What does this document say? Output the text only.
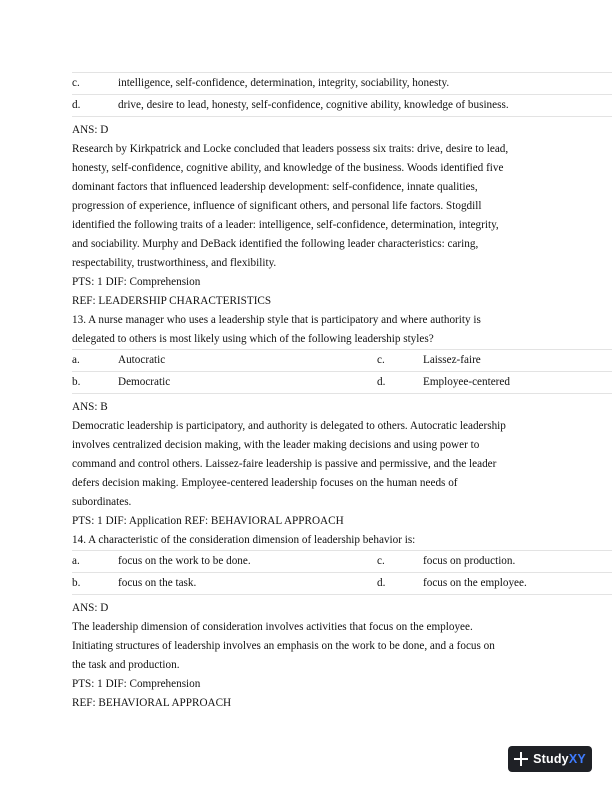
c.	intelligence, self-confidence, determination, integrity, sociability, honesty.
d.	drive, desire to lead, honesty, self-confidence, cognitive ability, knowledge of business.
ANS: D
Research by Kirkpatrick and Locke concluded that leaders possess six traits: drive, desire to lead,
honesty, self-confidence, cognitive ability, and knowledge of the business. Woods identified five
dominant factors that influenced leadership development: self-confidence, innate qualities,
progression of experience, influence of significant others, and personal life factors. Stogdill
identified the following traits of a leader: intelligence, self-confidence, determination, integrity,
and sociability. Murphy and DeBack identified the following leader characteristics: caring,
respectability, trustworthiness, and flexibility.
PTS: 1 DIF: Comprehension
REF: LEADERSHIP CHARACTERISTICS
13. A nurse manager who uses a leadership style that is participatory and where authority is
delegated to others is most likely using which of the following leadership styles?
a.	Autocratic	c.	Laissez-faire
b.	Democratic	d.	Employee-centered
ANS: B
Democratic leadership is participatory, and authority is delegated to others. Autocratic leadership
involves centralized decision making, with the leader making decisions and using power to
command and control others. Laissez-faire leadership is passive and permissive, and the leader
defers decision making. Employee-centered leadership focuses on the human needs of
subordinates.
PTS: 1 DIF: Application REF: BEHAVIORAL APPROACH
14. A characteristic of the consideration dimension of leadership behavior is:
a.	focus on the work to be done.	c.	focus on production.
b.	focus on the task.	d.	focus on the employee.
ANS: D
The leadership dimension of consideration involves activities that focus on the employee.
Initiating structures of leadership involves an emphasis on the work to be done, and a focus on
the task and production.
PTS: 1 DIF: Comprehension
REF: BEHAVIORAL APPROACH
Study XY
